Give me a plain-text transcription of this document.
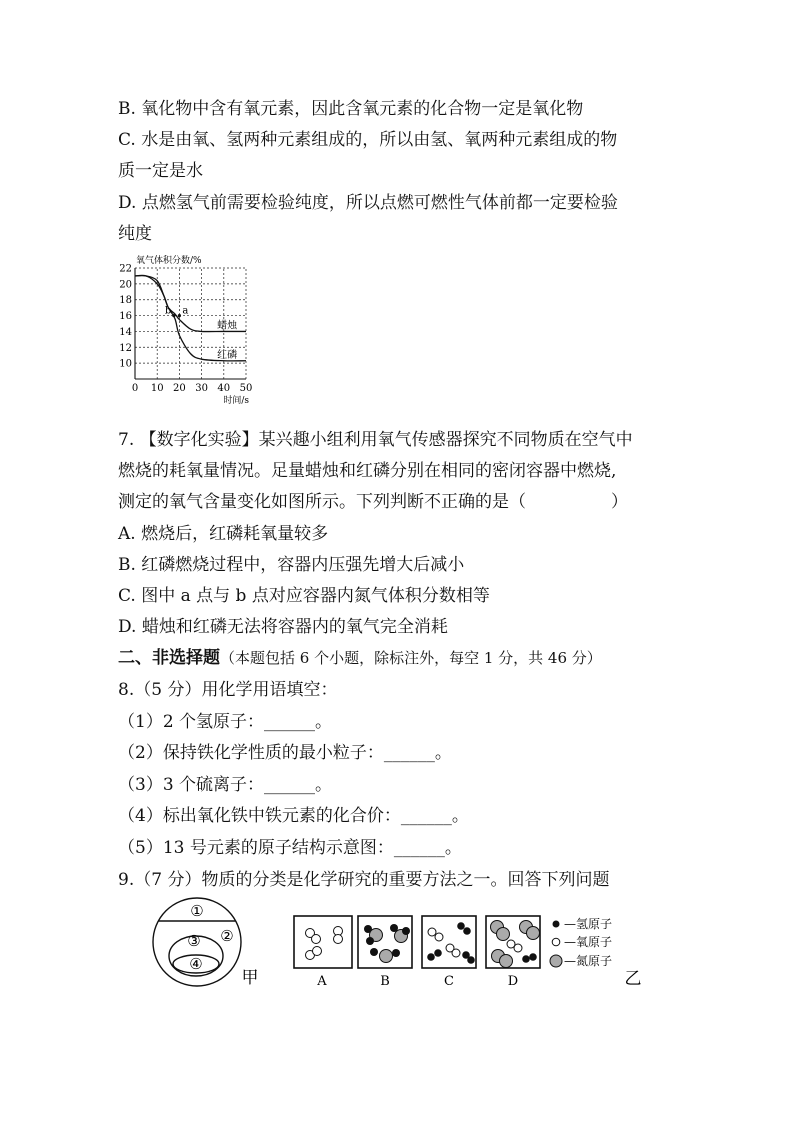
B. 氧化物中含有氧元素，因此含氧元素的化合物一定是氧化物
C. 水是由氧、氢两种元素组成的，所以由氢、氧两种元素组成的物
质一定是水
D. 点燃氢气前需要检验纯度，所以点燃可燃性气体前都一定要检验
纯度
0 10 20 30 40 50
10
12
14
16
18
20
22
氧气体积分数/%
时间/s
蜡烛
红磷
a
b
7. 【数字化实验】某兴趣小组利用氧气传感器探究不同物质在空气中
燃烧的耗氧量情况。足量蜡烛和红磷分别在相同的密闭容器中燃烧,
测定的氧气含量变化如图所示。下列判断不正确的是（　　　　　）
A. 燃烧后，红磷耗氧量较多
B. 红磷燃烧过程中，容器内压强先增大后减小
C. 图中 a 点与 b 点对应容器内氮气体积分数相等
D. 蜡烛和红磷无法将容器内的氧气完全消耗
二、非选择题（本题包括 6 个小题，除标注外，每空 1 分，共 46 分）
8.（5 分）用化学用语填空：
（1）2 个氢原子：______。
（2）保持铁化学性质的最小粒子：______。
（3）3 个硫离子：______。
（4）标出氧化铁中铁元素的化合价：______。
（5）13 号元素的原子结构示意图：______。
9.（7 分）物质的分类是化学研究的重要方法之一。回答下列问题
①
②
③
④
甲	A	B	C	D
—氢原子
—氧原子
—氮原子
乙
